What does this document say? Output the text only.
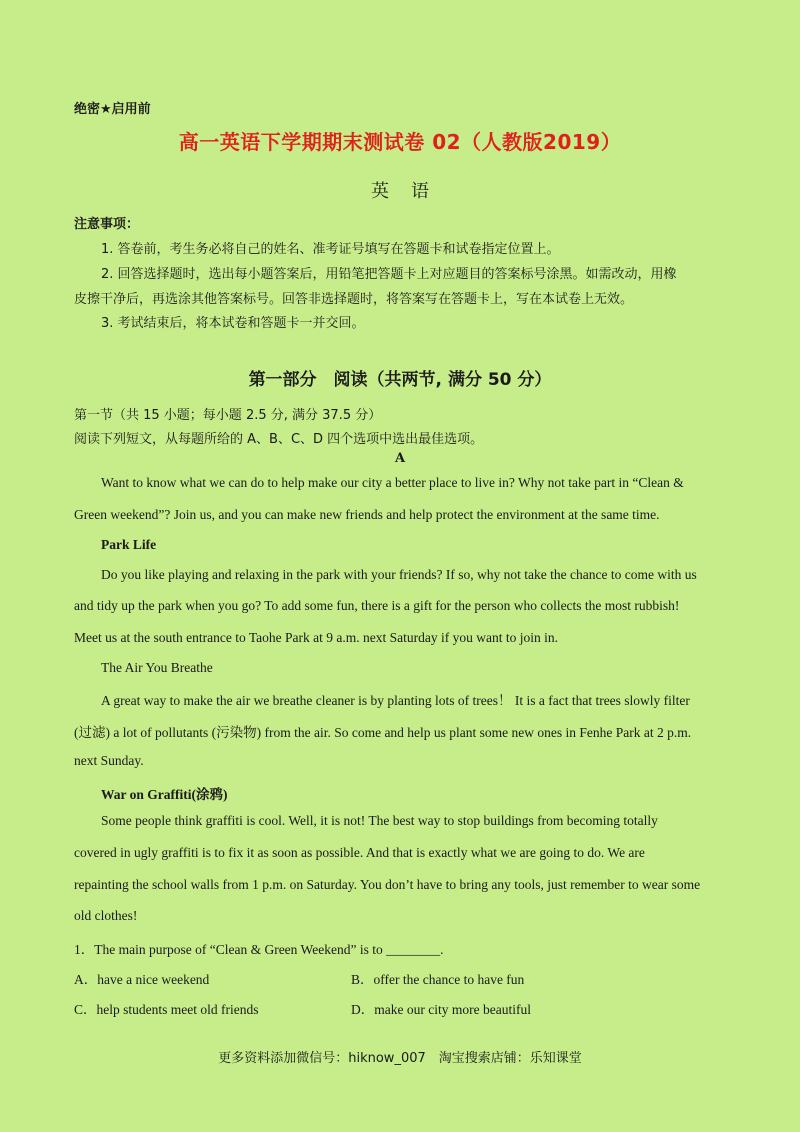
绝密★启用前
高一英语下学期期末测试卷 02（人教版2019）
英语
注意事项：
1. 答卷前，考生务必将自己的姓名、准考证号填写在答题卡和试卷指定位置上。
2. 回答选择题时，选出每小题答案后，用铅笔把答题卡上对应题目的答案标号涂黑。如需改动，用橡
皮擦干净后，再选涂其他答案标号。回答非选择题时，将答案写在答题卡上，写在本试卷上无效。
3. 考试结束后，将本试卷和答题卡一并交回。
第一部分　阅读（共两节, 满分 50 分）
第一节（共 15 小题；每小题 2.5 分, 满分 37.5 分）
阅读下列短文，从每题所给的 A、B、C、D 四个选项中选出最佳选项。
A
Want to know what we can do to help make our city a better place to live in? Why not take part in “Clean &
Green weekend”? Join us, and you can make new friends and help protect the environment at the same time.
Park Life
Do you like playing and relaxing in the park with your friends? If so, why not take the chance to come with us
and tidy up the park when you go? To add some fun, there is a gift for the person who collects the most rubbish!
Meet us at the south entrance to Taohe Park at 9 a.m. next Saturday if you want to join in.
The Air You Breathe
A great way to make the air we breathe cleaner is by planting lots of trees！ It is a fact that trees slowly filter
(过滤) a lot of pollutants (污染物) from the air. So come and help us plant some new ones in Fenhe Park at 2 p.m.
next Sunday.
War on Graffiti(涂鸦)
Some people think graffiti is cool. Well, it is not! The best way to stop buildings from becoming totally
covered in ugly graffiti is to fix it as soon as possible. And that is exactly what we are going to do. We are
repainting the school walls from 1 p.m. on Saturday. You don’t have to bring any tools, just remember to wear some
old clothes!
1．The main purpose of “Clean & Green Weekend” is to ________.
A．have a nice weekend	B．offer the chance to have fun
C．help students meet old friends	D．make our city more beautiful
更多资料添加微信号：hiknow_007　淘宝搜索店铺：乐知课堂
